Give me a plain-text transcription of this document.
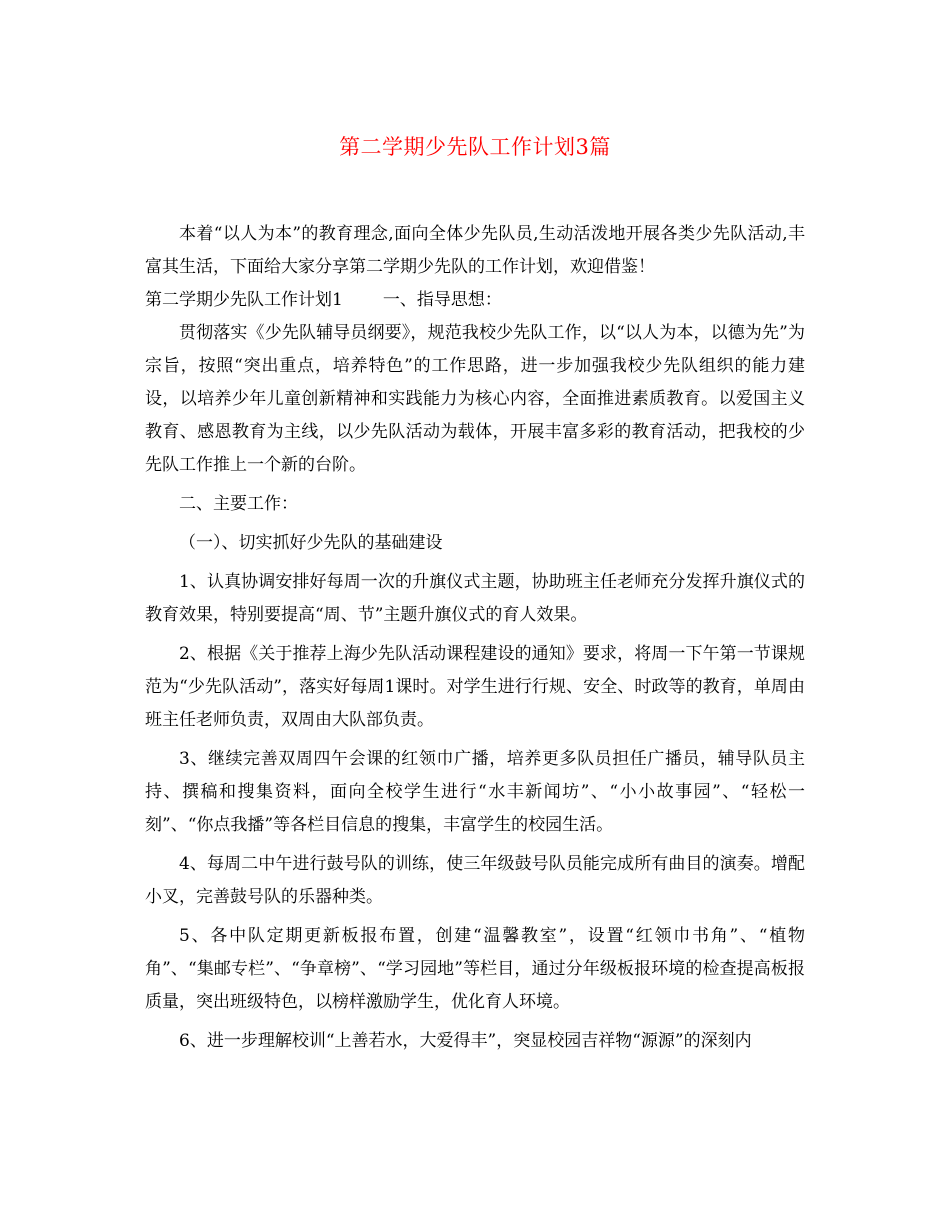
第二学期少先队工作计划3篇

本着“以人为本”的教育理念,面向全体少先队员,生动活泼地开展各类少先队活动,丰富其生活，下面给大家分享第二学期少先队的工作计划，欢迎借鉴！

第二学期少先队工作计划1 一、指导思想：

贯彻落实《少先队辅导员纲要》，规范我校少先队工作，以“以人为本，以德为先”为宗旨，按照“突出重点，培养特色”的工作思路，进一步加强我校少先队组织的能力建设，以培养少年儿童创新精神和实践能力为核心内容，全面推进素质教育。以爱国主义教育、感恩教育为主线，以少先队活动为载体，开展丰富多彩的教育活动，把我校的少先队工作推上一个新的台阶。

二、主要工作：

（一）、切实抓好少先队的基础建设

1、认真协调安排好每周一次的升旗仪式主题，协助班主任老师充分发挥升旗仪式的教育效果，特别要提高“周、节”主题升旗仪式的育人效果。

2、根据《关于推荐上海少先队活动课程建设的通知》要求，将周一下午第一节课规范为“少先队活动”，落实好每周1课时。对学生进行行规、安全、时政等的教育，单周由班主任老师负责，双周由大队部负责。

3、继续完善双周四午会课的红领巾广播，培养更多队员担任广播员，辅导队员主持、撰稿和搜集资料，面向全校学生进行“水丰新闻坊”、“小小故事园”、“轻松一刻”、“你点我播”等各栏目信息的搜集，丰富学生的校园生活。

4、每周二中午进行鼓号队的训练，使三年级鼓号队员能完成所有曲目的演奏。增配小叉，完善鼓号队的乐器种类。

5、各中队定期更新板报布置，创建“温馨教室”，设置“红领巾书角”、“植物角”、“集邮专栏”、“争章榜”、“学习园地”等栏目，通过分年级板报环境的检查提高板报质量，突出班级特色，以榜样激励学生，优化育人环境。

6、进一步理解校训“上善若水，大爱得丰”，突显校园吉祥物“源源”的深刻内
